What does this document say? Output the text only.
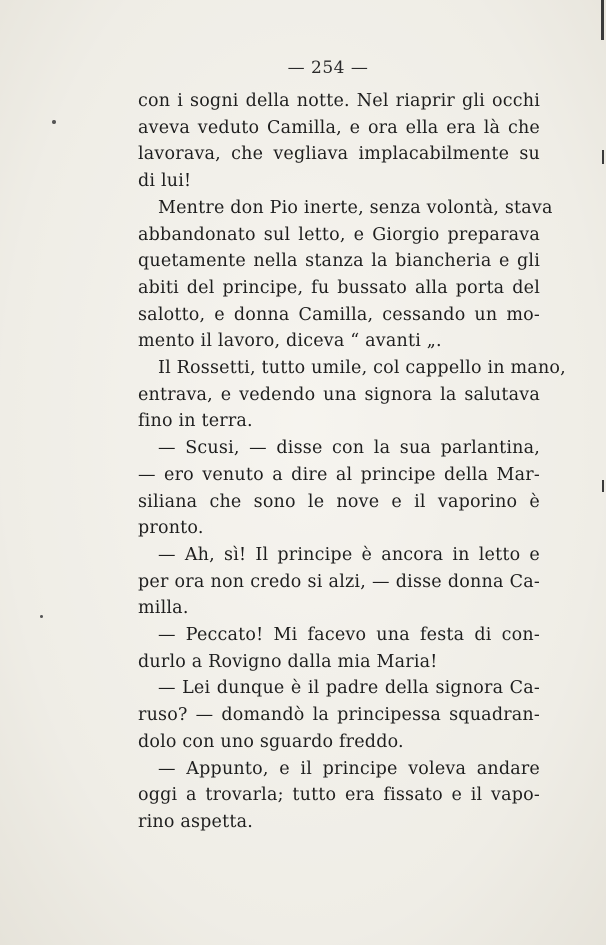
— 254 —
con i sogni della notte. Nel riaprir gli occhi
aveva veduto Camilla, e ora ella era là che
lavorava, che vegliava implacabilmente su
di lui!
Mentre don Pio inerte, senza volontà, stava
abbandonato sul letto, e Giorgio preparava
quetamente nella stanza la biancheria e gli
abiti del principe, fu bussato alla porta del
salotto, e donna Camilla, cessando un mo-
mento il lavoro, diceva “ avanti „.
Il Rossetti, tutto umile, col cappello in mano,
entrava, e vedendo una signora la salutava
fino in terra.
— Scusi, — disse con la sua parlantina,
— ero venuto a dire al principe della Mar-
siliana che sono le nove e il vaporino è
pronto.
— Ah, sì! Il principe è ancora in letto e
per ora non credo si alzi, — disse donna Ca-
milla.
— Peccato! Mi facevo una festa di con-
durlo a Rovigno dalla mia Maria!
— Lei dunque è il padre della signora Ca-
ruso? — domandò la principessa squadran-
dolo con uno sguardo freddo.
— Appunto, e il principe voleva andare
oggi a trovarla; tutto era fissato e il vapo-
rino aspetta.
